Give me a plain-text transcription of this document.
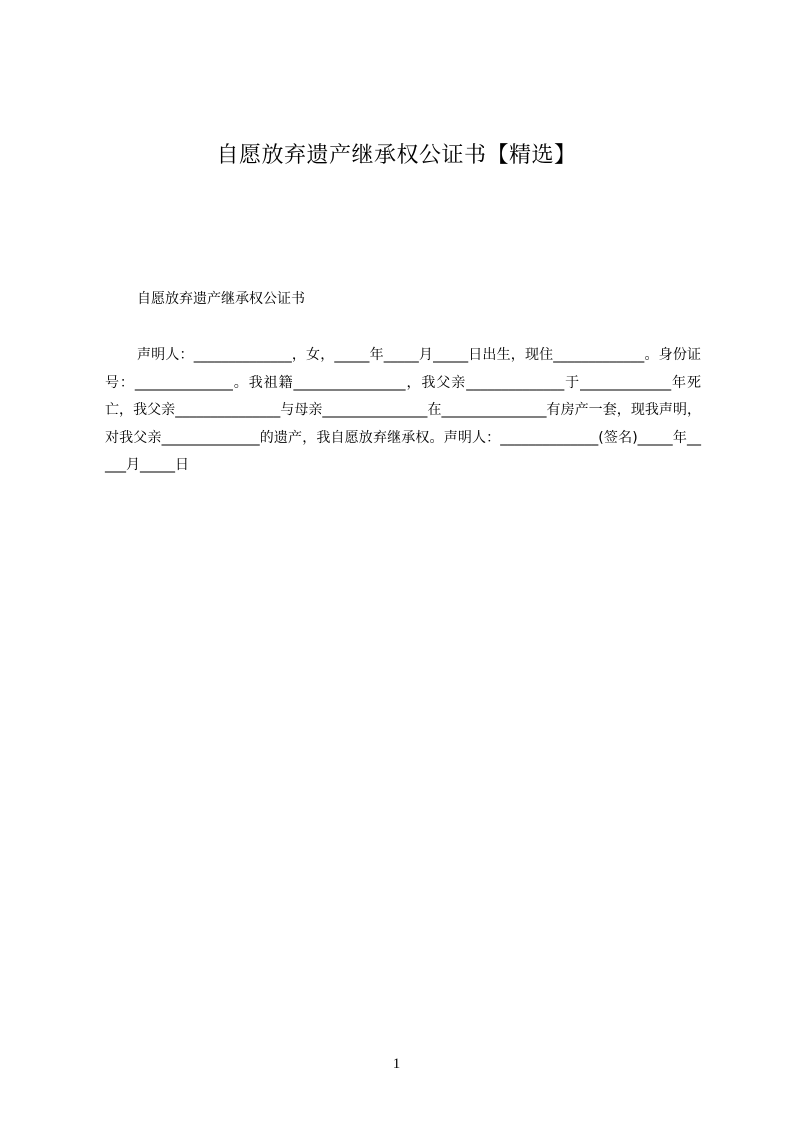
自愿放弃遗产继承权公证书【精选】
自愿放弃遗产继承权公证书

声明人：______________，女，_____年_____月_____日出生，现住_____________。身份证号：______________。我祖籍________________，我父亲______________于_____________年死亡，我父亲_______________与母亲_______________在_______________有房产一套，现我声明，对我父亲______________的遗产，我自愿放弃继承权。声明人：______________(签名)_____年_____月_____日

1
